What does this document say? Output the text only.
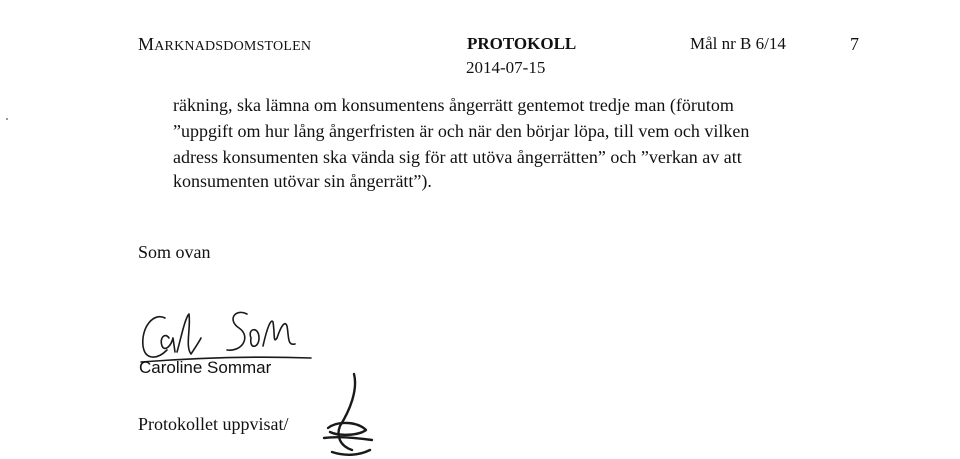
MARKNADSDOMSTOLEN	PROTOKOLL
2014-07-15
Mål nr B 6/14	7
räkning, ska lämna om konsumentens ångerrätt gentemot tredje man (förutom
”uppgift om hur lång ångerfristen är och när den börjar löpa, till vem och vilken
adress konsumenten ska vända sig för att utöva ångerrätten” och ”verkan av att
konsumenten utövar sin ångerrätt”).
Som ovan
Caroline Sommar
Protokollet uppvisat/
